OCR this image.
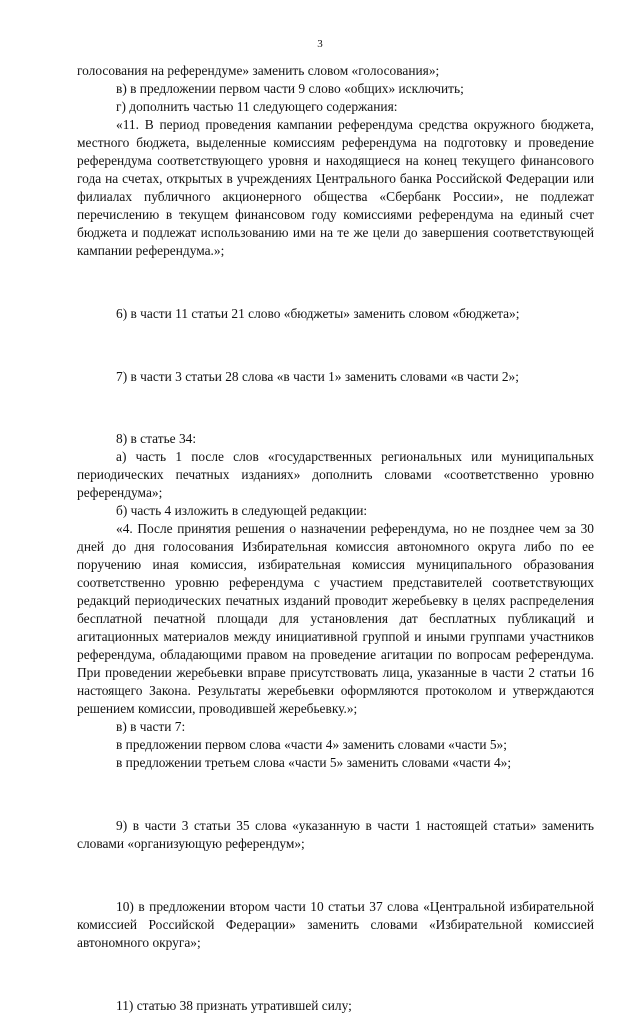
3

голосования на референдуме» заменить словом «голосования»;

в) в предложении первом части 9 слово «общих» исключить;

г) дополнить частью 11 следующего содержания:

«11. В период проведения кампании референдума средства окружного бюджета, местного бюджета, выделенные комиссиям референдума на подготовку и проведение референдума соответствующего уровня и находящиеся на конец текущего финансового года на счетах, открытых в учреждениях Центрального банка Российской Федерации или филиалах публичного акционерного общества «Сбербанк России», не подлежат перечислению в текущем финансовом году комиссиями референдума на единый счет бюджета и подлежат использованию ими на те же цели до завершения соответствующей кампании референдума.»;

6) в части 11 статьи 21 слово «бюджеты» заменить словом «бюджета»;

7) в части 3 статьи 28 слова «в части 1» заменить словами «в части 2»;

8) в статье 34:

а) часть 1 после слов «государственных региональных или муниципальных периодических печатных изданиях» дополнить словами «соответственно уровню референдума»;

б) часть 4 изложить в следующей редакции:

«4. После принятия решения о назначении референдума, но не позднее чем за 30 дней до дня голосования Избирательная комиссия автономного округа либо по ее поручению иная комиссия, избирательная комиссия муниципального образования соответственно уровню референдума с участием представителей соответствующих редакций периодических печатных изданий проводит жеребьевку в целях распределения бесплатной печатной площади для установления дат бесплатных публикаций и агитационных материалов между инициативной группой и иными группами участников референдума, обладающими правом на проведение агитации по вопросам референдума. При проведении жеребьевки вправе присутствовать лица, указанные в части 2 статьи 16 настоящего Закона. Результаты жеребьевки оформляются протоколом и утверждаются решением комиссии, проводившей жеребьевку.»;

в) в части 7:

в предложении первом слова «части 4» заменить словами «части 5»;

в предложении третьем слова «части 5» заменить словами «части 4»;

9) в части 3 статьи 35 слова «указанную в части 1 настоящей статьи» заменить словами «организующую референдум»;

10) в предложении втором части 10 статьи 37 слова «Центральной избирательной комиссией Российской Федерации» заменить словами «Избирательной комиссией автономного округа»;

11) статью 38 признать утратившей силу;
